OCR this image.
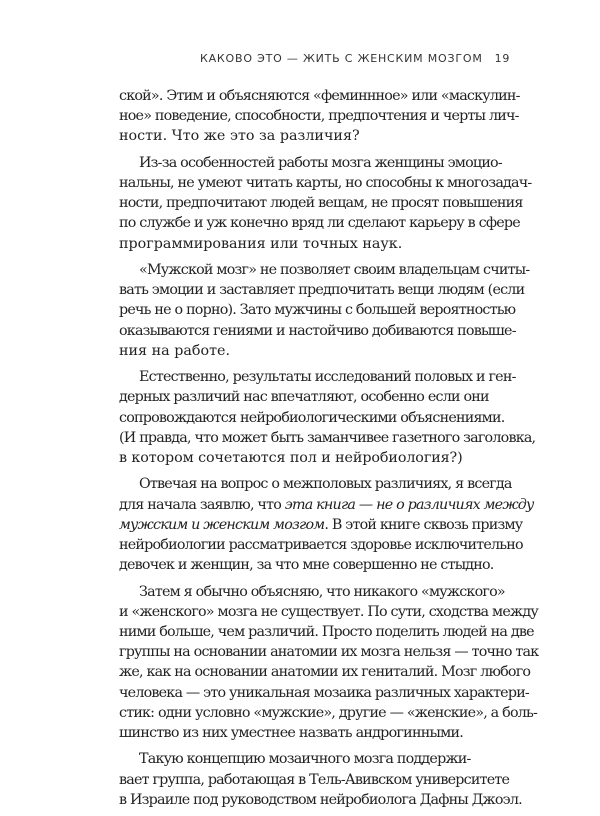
КАКОВО ЭТО — ЖИТЬ С ЖЕНСКИМ МОЗГОМ 19
ской». Этим и объясняются «феминнное» или «маскулин-
ное» поведение, способности, предпочтения и черты лич-
ности. Что же это за различия?
Из-за особенностей работы мозга женщины эмоцио-
нальны, не умеют читать карты, но способны к многозадач-
ности, предпочитают людей вещам, не просят повышения
по службе и уж конечно вряд ли сделают карьеру в сфере
программирования или точных наук.
«Мужской мозг» не позволяет своим владельцам считы-
вать эмоции и заставляет предпочитать вещи людям (если
речь не о порно). Зато мужчины с большей вероятностью
оказываются гениями и настойчиво добиваются повыше-
ния на работе.
Естественно, результаты исследований половых и ген-
дерных различий нас впечатляют, особенно если они
сопровождаются нейробиологическими объяснениями.
(И правда, что может быть заманчивее газетного заголовка,
в котором сочетаются пол и нейробиология?)
Отвечая на вопрос о межполовых различиях, я всегда
для начала заявлю, что эта книга — не о различиях между
мужским и женским мозгом. В этой книге сквозь призму
нейробиологии рассматривается здоровье исключительно
девочек и женщин, за что мне совершенно не стыдно.
Затем я обычно объясняю, что никакого «мужского»
и «женского» мозга не существует. По сути, сходства между
ними больше, чем различий. Просто поделить людей на две
группы на основании анатомии их мозга нельзя — точно так
же, как на основании анатомии их гениталий. Мозг любого
человека — это уникальная мозаика различных характери-
стик: одни условно «мужские», другие — «женские», а боль-
шинство из них уместнее назвать андрогинными.
Такую концепцию мозаичного мозга поддержи-
вает группа, работающая в Тель-Авивском университете
в Израиле под руководством нейробиолога Дафны Джоэл.
